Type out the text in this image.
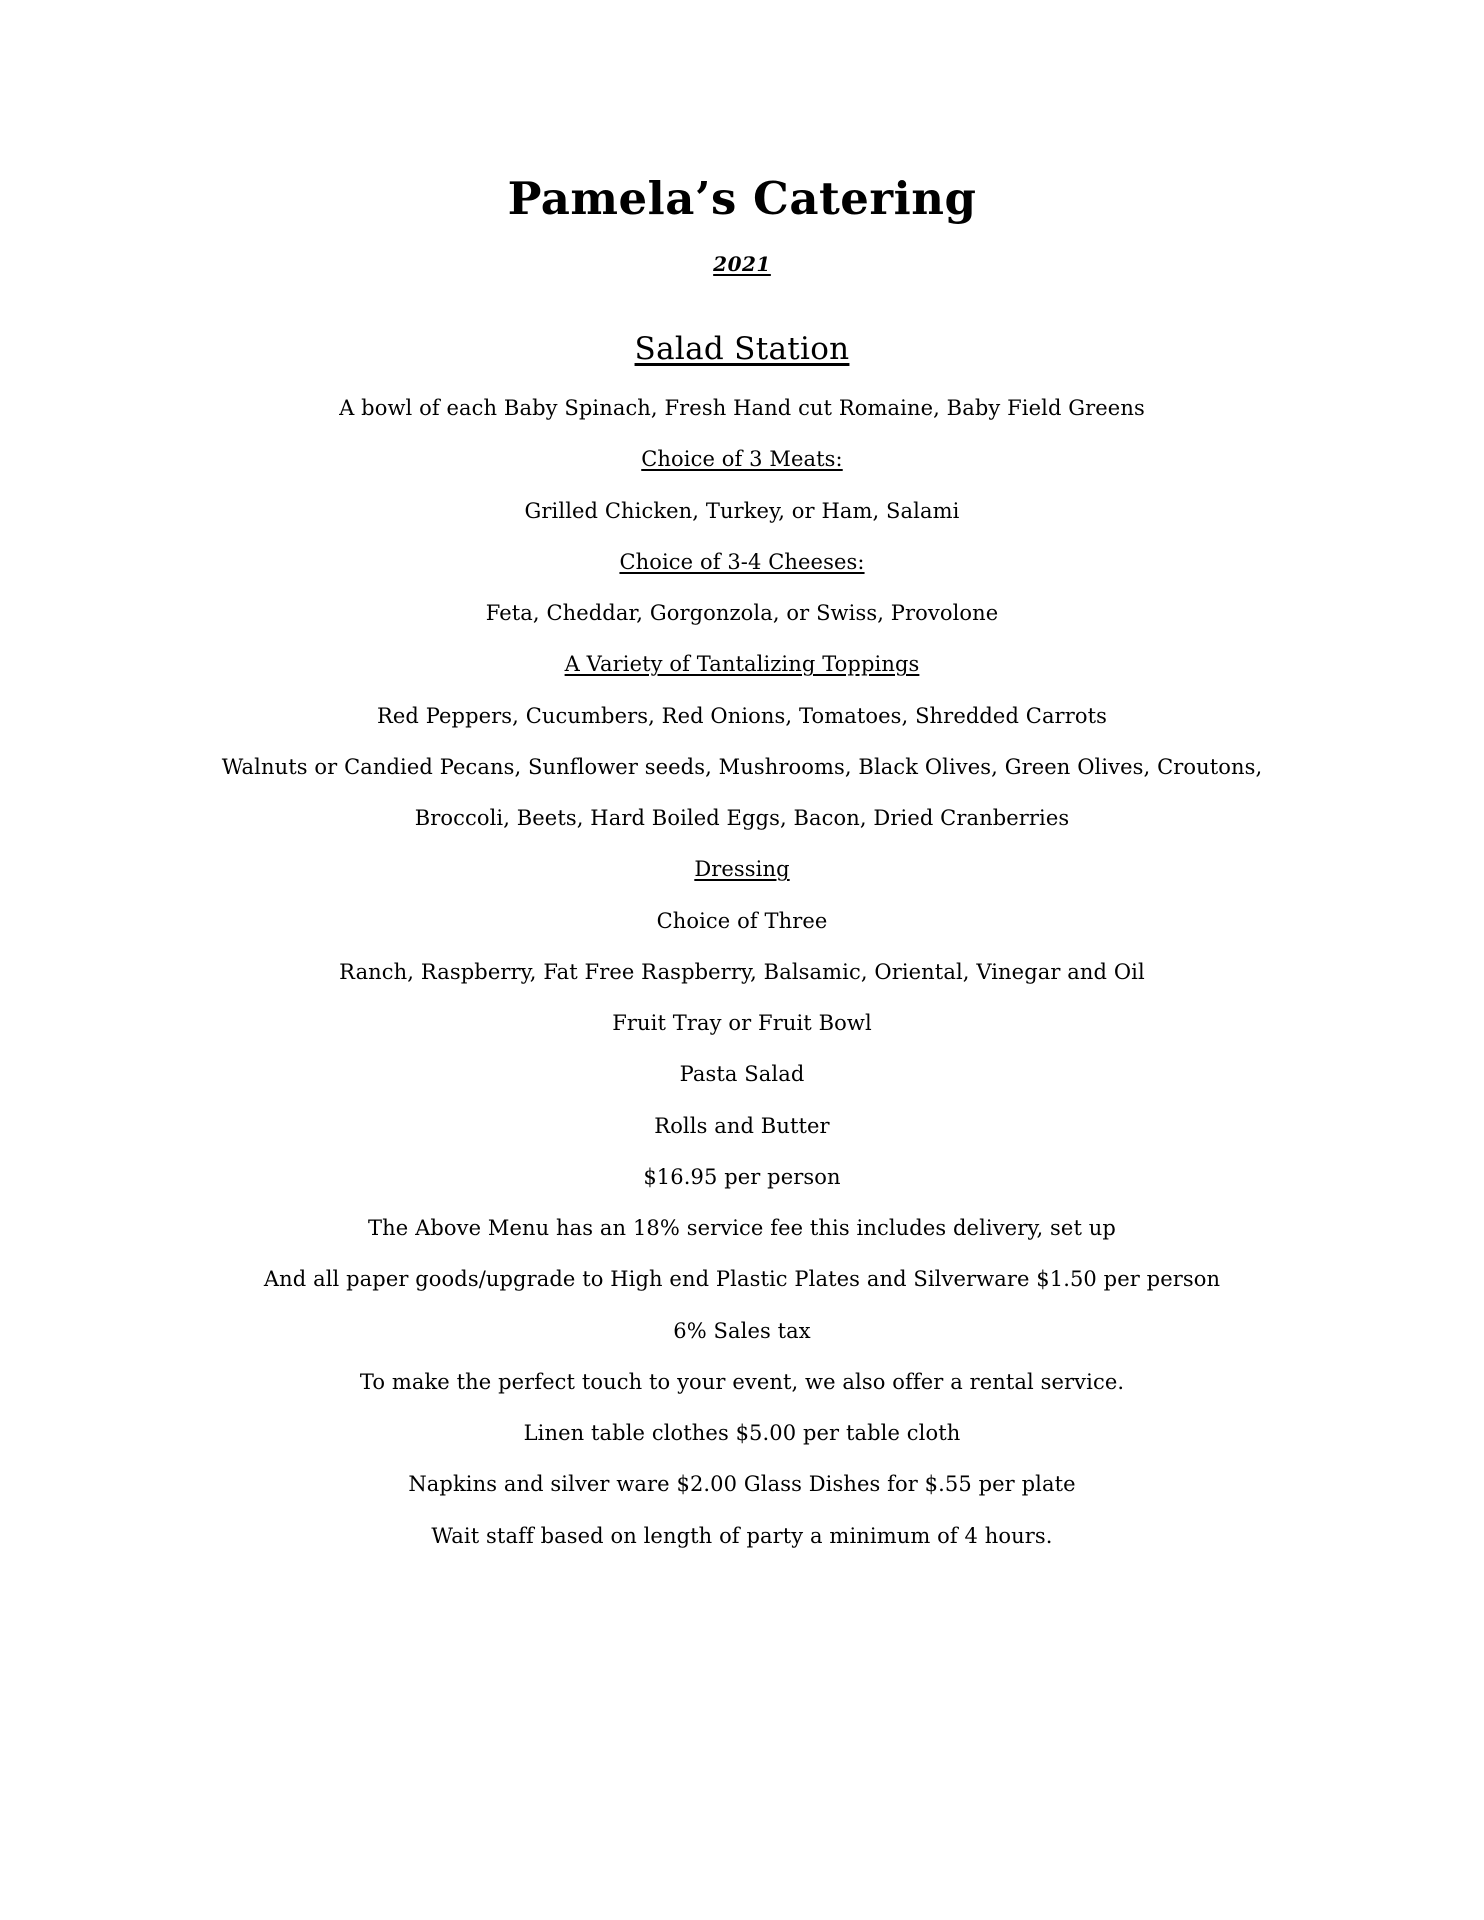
Pamela’s Catering
2021
Salad Station

A bowl of each Baby Spinach, Fresh Hand cut Romaine, Baby Field Greens

Choice of 3 Meats:

Grilled Chicken, Turkey, or Ham, Salami

Choice of 3-4 Cheeses:

Feta, Cheddar, Gorgonzola, or Swiss, Provolone

A Variety of Tantalizing Toppings

Red Peppers, Cucumbers, Red Onions, Tomatoes, Shredded Carrots

Walnuts or Candied Pecans, Sunflower seeds, Mushrooms, Black Olives, Green Olives, Croutons,

Broccoli, Beets, Hard Boiled Eggs, Bacon, Dried Cranberries

Dressing

Choice of Three

Ranch, Raspberry, Fat Free Raspberry, Balsamic, Oriental, Vinegar and Oil

Fruit Tray or Fruit Bowl

Pasta Salad

Rolls and Butter

$16.95 per person

The Above Menu has an 18% service fee this includes delivery, set up

And all paper goods/upgrade to High end Plastic Plates and Silverware $1.50 per person

6% Sales tax

To make the perfect touch to your event, we also offer a rental service.

Linen table clothes $5.00 per table cloth

Napkins and silver ware $2.00 Glass Dishes for $.55 per plate

Wait staff based on length of party a minimum of 4 hours.
